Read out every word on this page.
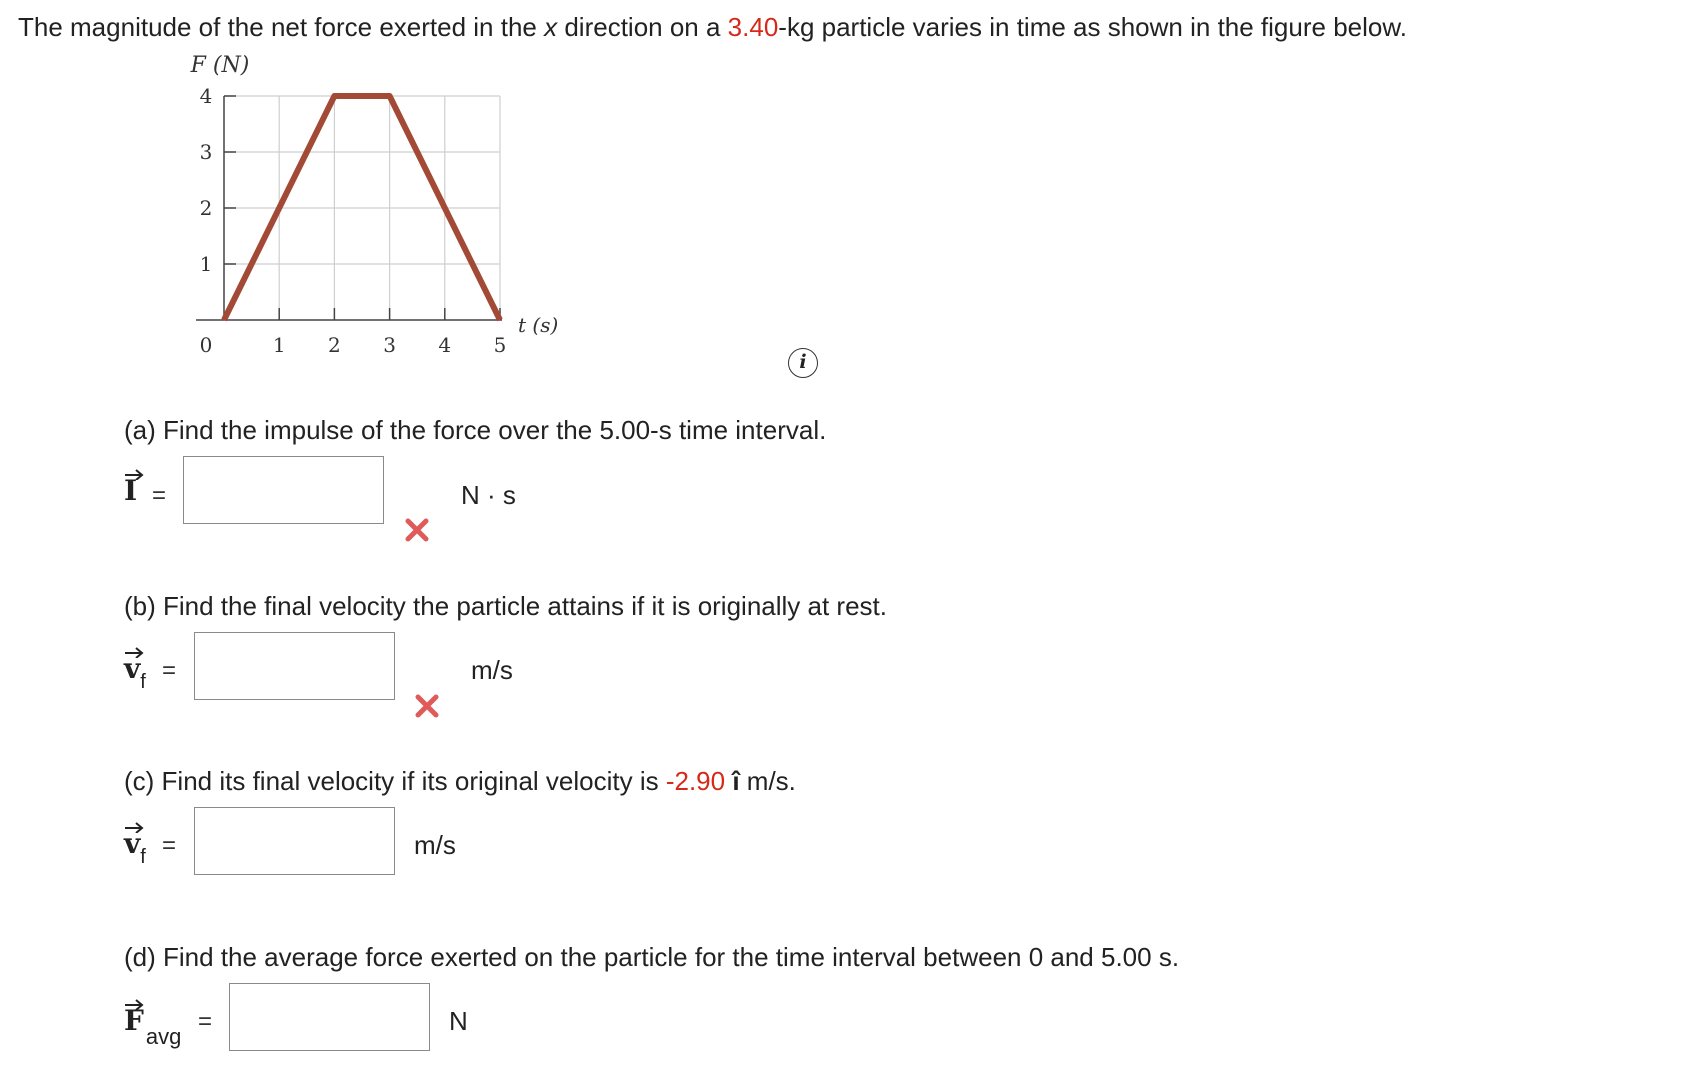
The magnitude of the net force exerted in the x direction on a 3.40-kg particle varies in time as shown in the figure below.
1
2
3
4
0	1 2 3 4 5
F (N)
t (s)
i
(a) Find the impulse of the force over the 5.00-s time interval.
I =	N · s
(b) Find the final velocity the particle attains if it is originally at rest.
$v_f$ =	m/s
(c) Find its final velocity if its original velocity is -2.90 î m/s.
$v_f$ =	m/s
(d) Find the average force exerted on the particle for the time interval between 0 and 5.00 s.
$F_{avg}$
=	N
